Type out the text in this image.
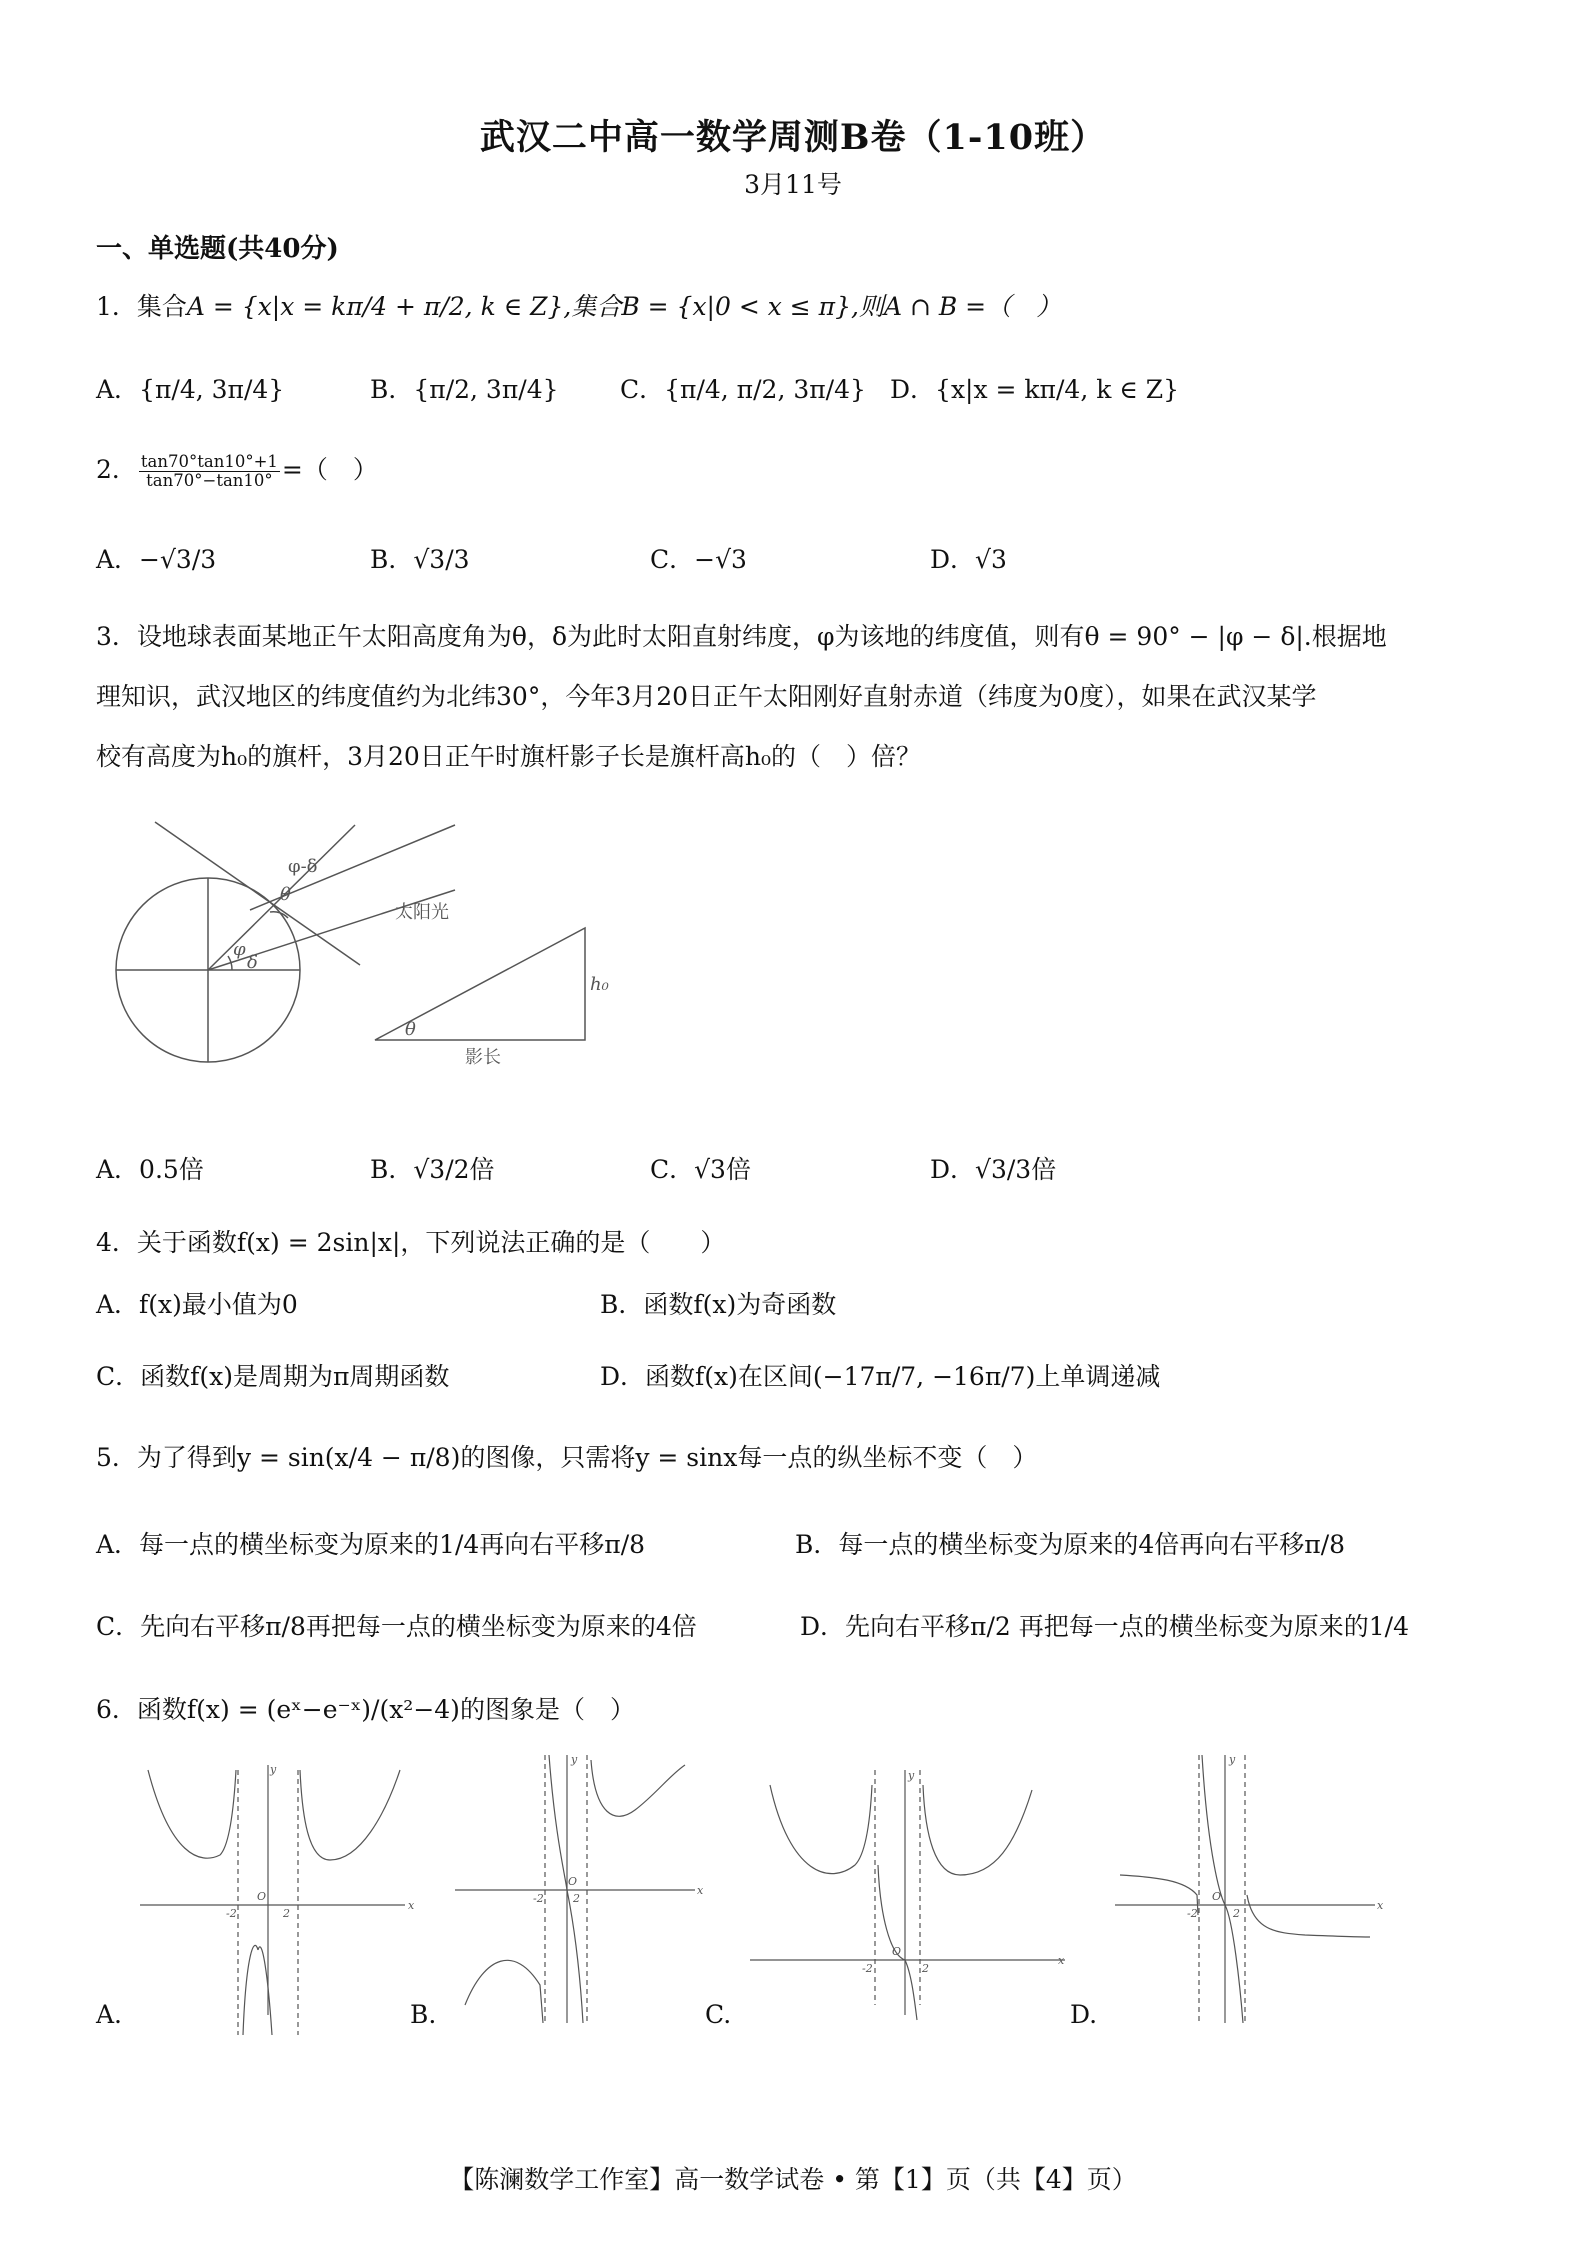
武汉二中高一数学周测B卷（1-10班）
3月11号
一、单选题(共40分)
1．集合A = {x|x = kπ/4 + π/2, k ∈ Z},集合B = {x|0 < x ≤ π},则A ∩ B =（　）
A．{π/4, 3π/4}	B．{π/2, 3π/4} C．{π/4, π/2, 3π/4} D．{x|x = kπ/4, k ∈ Z}
2． $\frac{\tan 70^\circ\tan 10^\circ+1}{\tan 70^\circ-\tan 10^\circ}$ =（　）
A．−√3/3	B．√3/3	C．−√3	D．√3
3．设地球表面某地正午太阳高度角为θ，δ为此时太阳直射纬度，φ为该地的纬度值，则有θ = 90° − |φ − δ|.根据地
理知识，武汉地区的纬度值约为北纬30°，今年3月20日正午太阳刚好直射赤道（纬度为0度），如果在武汉某学
校有高度为h₀的旗杆，3月20日正午时旗杆影子长是旗杆高h₀的（　）倍？
φ-δ
θ
太阳光
φ
δ
h₀
θ
影长
A．0.5倍	B．√3/2倍	C．√3倍	D．√3/3倍
4．关于函数f(x) = 2sin|x|，下列说法正确的是（　　）
A．f(x)最小值为0	B．函数f(x)为奇函数
C．函数f(x)是周期为π周期函数	D．函数f(x)在区间(−17π/7, −16π/7)上单调递减
5．为了得到y = sin(x/4 − π/8)的图像，只需将y = sinx每一点的纵坐标不变（　）
A．每一点的横坐标变为原来的1/4再向右平移π/8	B．每一点的横坐标变为原来的4倍再向右平移π/8
C．先向右平移π/8再把每一点的横坐标变为原来的4倍	D．先向右平移π/2 再把每一点的横坐标变为原来的1/4
6．函数f(x) = (eˣ−e⁻ˣ)/(x²−4)的图象是（　）
x
y
O
-2	2
A.
x
y
O
-2	2
B.
x
y
O
-2	2
C.
x
y
O
-2	2
D.
【陈澜数学工作室】高一数学试卷 • 第【1】页（共【4】页）
